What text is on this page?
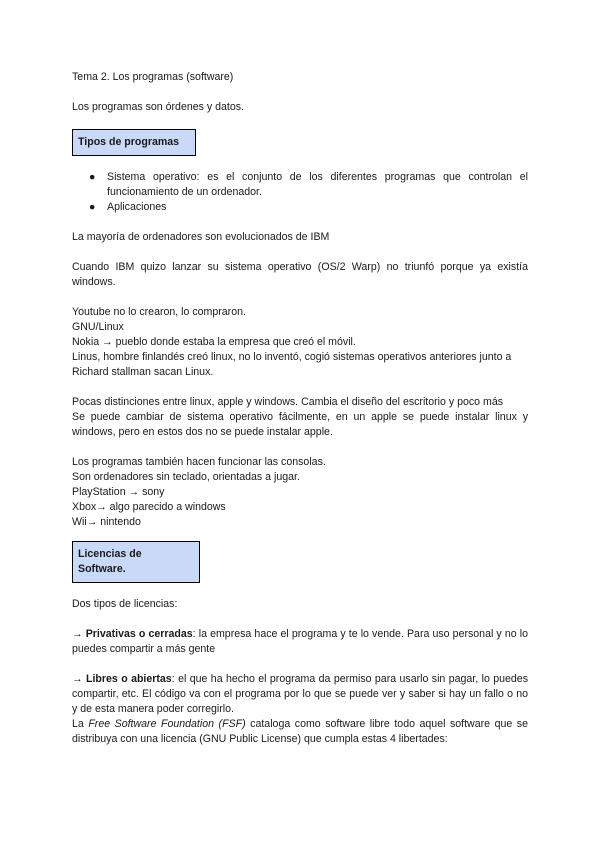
Tema 2. Los programas (software)

Los programas son órdenes y datos.

Tipos de programas
● Sistema operativo: es el conjunto de los diferentes programas que controlan el funcionamiento de un ordenador.
● Aplicaciones

La mayoría de ordenadores son evolucionados de IBM

Cuando IBM quizo lanzar su sistema operativo (OS/2 Warp) no triunfó porque ya existía windows.

Youtube no lo crearon, lo compraron.

GNU/Linux

Nokia → pueblo donde estaba la empresa que creó el móvil.

Linus, hombre finlandés creó linux, no lo inventó, cogió sistemas operativos anteriores junto a Richard stallman sacan Linux.

Pocas distinciones entre linux, apple y windows. Cambia el diseño del escritorio y poco más

Se puede cambiar de sistema operativo fácilmente, en un apple se puede instalar linux y windows, pero en estos dos no se puede instalar apple.

Los programas también hacen funcionar las consolas.

Son ordenadores sin teclado, orientadas a jugar.

PlayStation → sony

Xbox→ algo parecido a windows

Wii→ nintendo

Licencias de Software.

Dos tipos de licencias:

→ Privativas o cerradas: la empresa hace el programa y te lo vende. Para uso personal y no lo puedes compartir a más gente

→ Libres o abiertas: el que ha hecho el programa da permiso para usarlo sin pagar, lo puedes compartir, etc. El código va con el programa por lo que se puede ver y saber si hay un fallo o no y de esta manera poder corregirlo.

La Free Software Foundation (FSF) cataloga como software libre todo aquel software que se distribuya con una licencia (GNU Public License) que cumpla estas 4 libertades:
